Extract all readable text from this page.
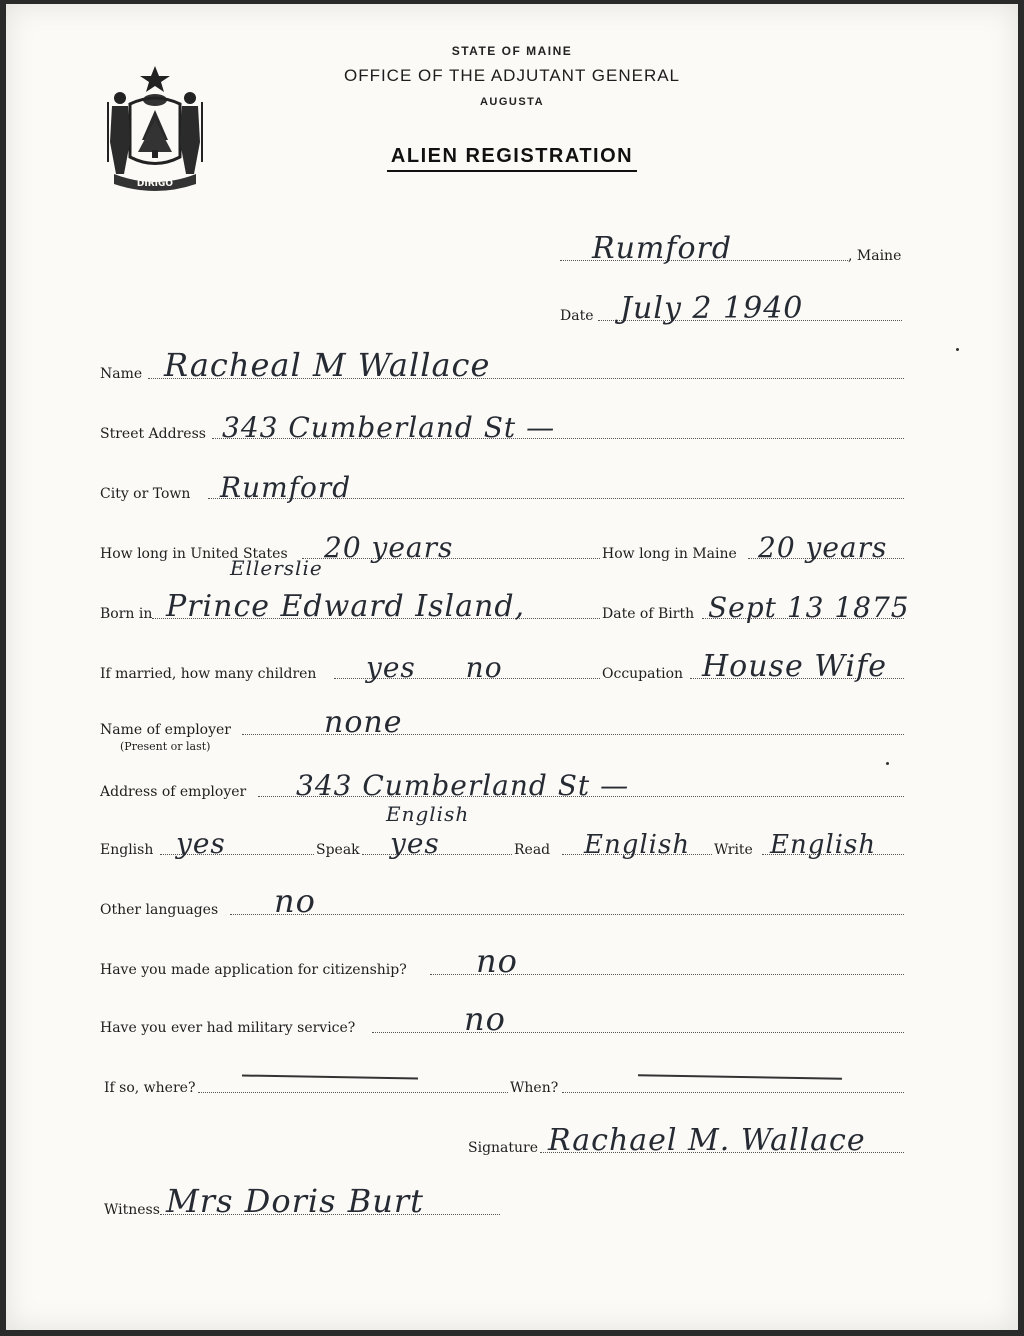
DIRIGO
STATE OF MAINE
OFFICE OF THE ADJUTANT GENERAL
AUGUSTA
ALIEN REGISTRATION
Rumford	, Maine
Date July 2 1940
Name Racheal M Wallace
Street Address 343 Cumberland St —
City or Town Rumford
How long in United States 20 years	How long in Maine 20 years
Ellerslie
Born in Prince Edward Island,	Date of Birth Sept 13 1875
If married, how many children yes no	Occupation House Wife
Name of employer	none
(Present or last)
Address of employer 343 Cumberland St —
English
English yes	Speak yes	Read English Write English
Other languages no
Have you made application for citizenship? no
Have you ever had military service?	no
If so, where?	When?
Signature Rachael M. Wallace
Witness Mrs Doris Burt
